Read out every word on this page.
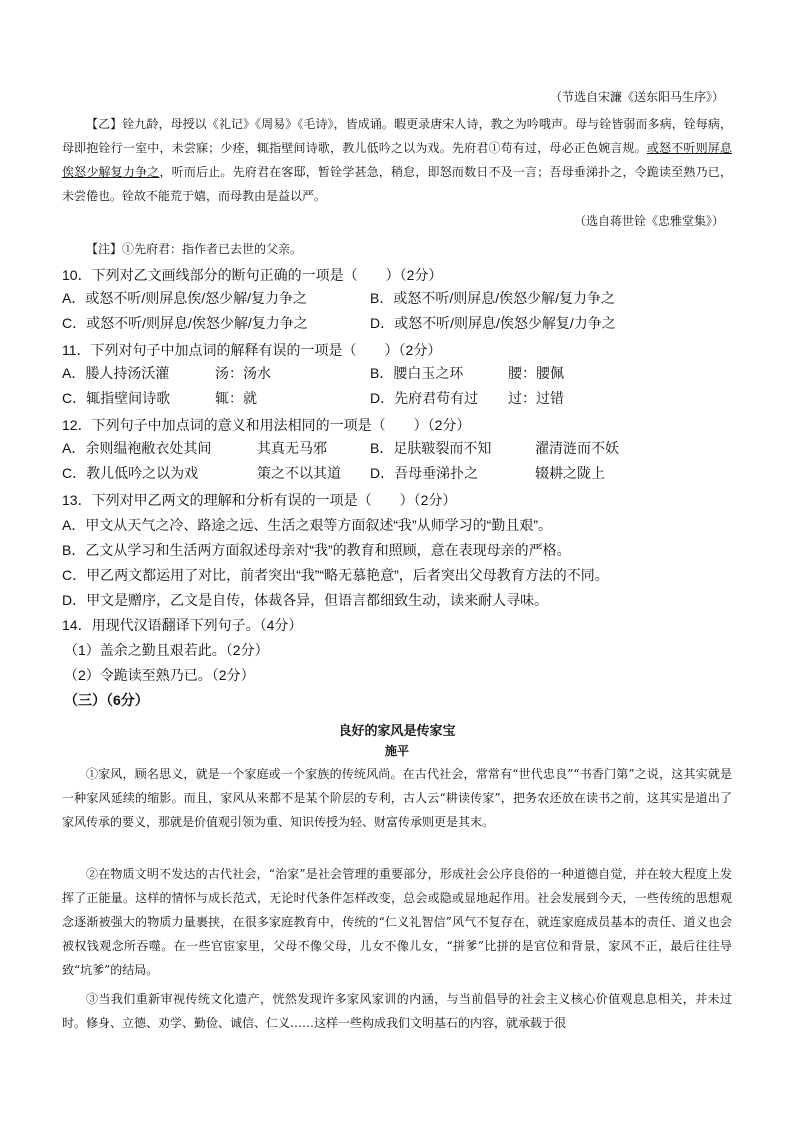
（节选自宋濂《送东阳马生序》）
【乙】铨九龄，母授以《礼记》《周易》《毛诗》，皆成诵。暇更录唐宋人诗，教之为吟哦声。母与铨皆弱而多病，铨每病，母即抱铨行一室中，未尝寐；少痊，辄指壁间诗歌，教儿低吟之以为戏。先府君①苟有过，母必正色婉言规。或怒不听则屏息俟怒少解复力争之，听而后止。先府君在客邸，暂铨学甚急，稍怠，即怒而数日不及一言；吾母垂涕扑之，令跪读至熟乃已，未尝倦也。铨故不能荒于嬉，而母教由是益以严。
（选自蒋世铨《忠雅堂集》）
【注】①先府君：指作者已去世的父亲。
10．下列对乙文画线部分的断句正确的一项是（　　）（2分）
A．或怒不听/则屏息俟/怒少解/复力争之	B．或怒不听/则屏息/俟怒少解/复力争之
C．或怒不听/则屏息/俟怒少解/复力争之	D．或怒不听/则屏息/俟怒少解复/力争之
11．下列对句子中加点词的解释有误的一项是（　　）（2分）
A．媵人持汤沃灌	汤：汤水	B．腰白玉之环	腰：腰佩
C．辄指壁间诗歌	辄：就	D．先府君苟有过 过：过错
12．下列句子中加点词的意义和用法相同的一项是（　　）（2分）
A．余则缊袍敝衣处其间	其真无马邪	B．足肤皲裂而不知	濯清涟而不妖
C．教儿低吟之以为戏	策之不以其道 D．吾母垂涕扑之	辍耕之陇上
13．下列对甲乙两文的理解和分析有误的一项是（　　）（2分）
A．甲文从天气之冷、路途之远、生活之艰等方面叙述“我”从师学习的“勤且艰”。
B．乙文从学习和生活两方面叙述母亲对“我”的教育和照顾，意在表现母亲的严格。
C．甲乙两文都运用了对比，前者突出“我”“略无慕艳意”，后者突出父母教育方法的不同。
D．甲文是赠序，乙文是自传，体裁各异，但语言都细致生动，读来耐人寻味。
14．用现代汉语翻译下列句子。（4分）
（1）盖余之勤且艰若此。（2分）
（2）令跪读至熟乃已。（2分）
（三）（6分）
良好的家风是传家宝
施平
①家风，顾名思义，就是一个家庭或一个家族的传统风尚。在古代社会，常常有“世代忠良”“书香门第”之说，这其实就是一种家风延续的缩影。而且，家风从来都不是某个阶层的专利，古人云“耕读传家”，把务农还放在读书之前，这其实是道出了家风传承的要义，那就是价值观引领为重、知识传授为轻、财富传承则更是其末。
②在物质文明不发达的古代社会，“治家”是社会管理的重要部分，形成社会公序良俗的一种道德自觉，并在较大程度上发挥了正能量。这样的情怀与成长范式，无论时代条件怎样改变，总会或隐或显地起作用。社会发展到今天，一些传统的思想观念逐渐被强大的物质力量裹挟，在很多家庭教育中，传统的“仁义礼智信”风气不复存在，就连家庭成员基本的责任、道义也会被权钱观念所吞噬。在一些官宦家里，父母不像父母，儿女不像儿女，“拼爹”比拼的是官位和背景，家风不正，最后往往导致“坑爹”的结局。
③当我们重新审视传统文化遗产，恍然发现许多家风家训的内涵，与当前倡导的社会主义核心价值观息息相关，并未过时。修身、立德、劝学、勤俭、诚信、仁义……这样一些构成我们文明基石的内容，就承载于很
